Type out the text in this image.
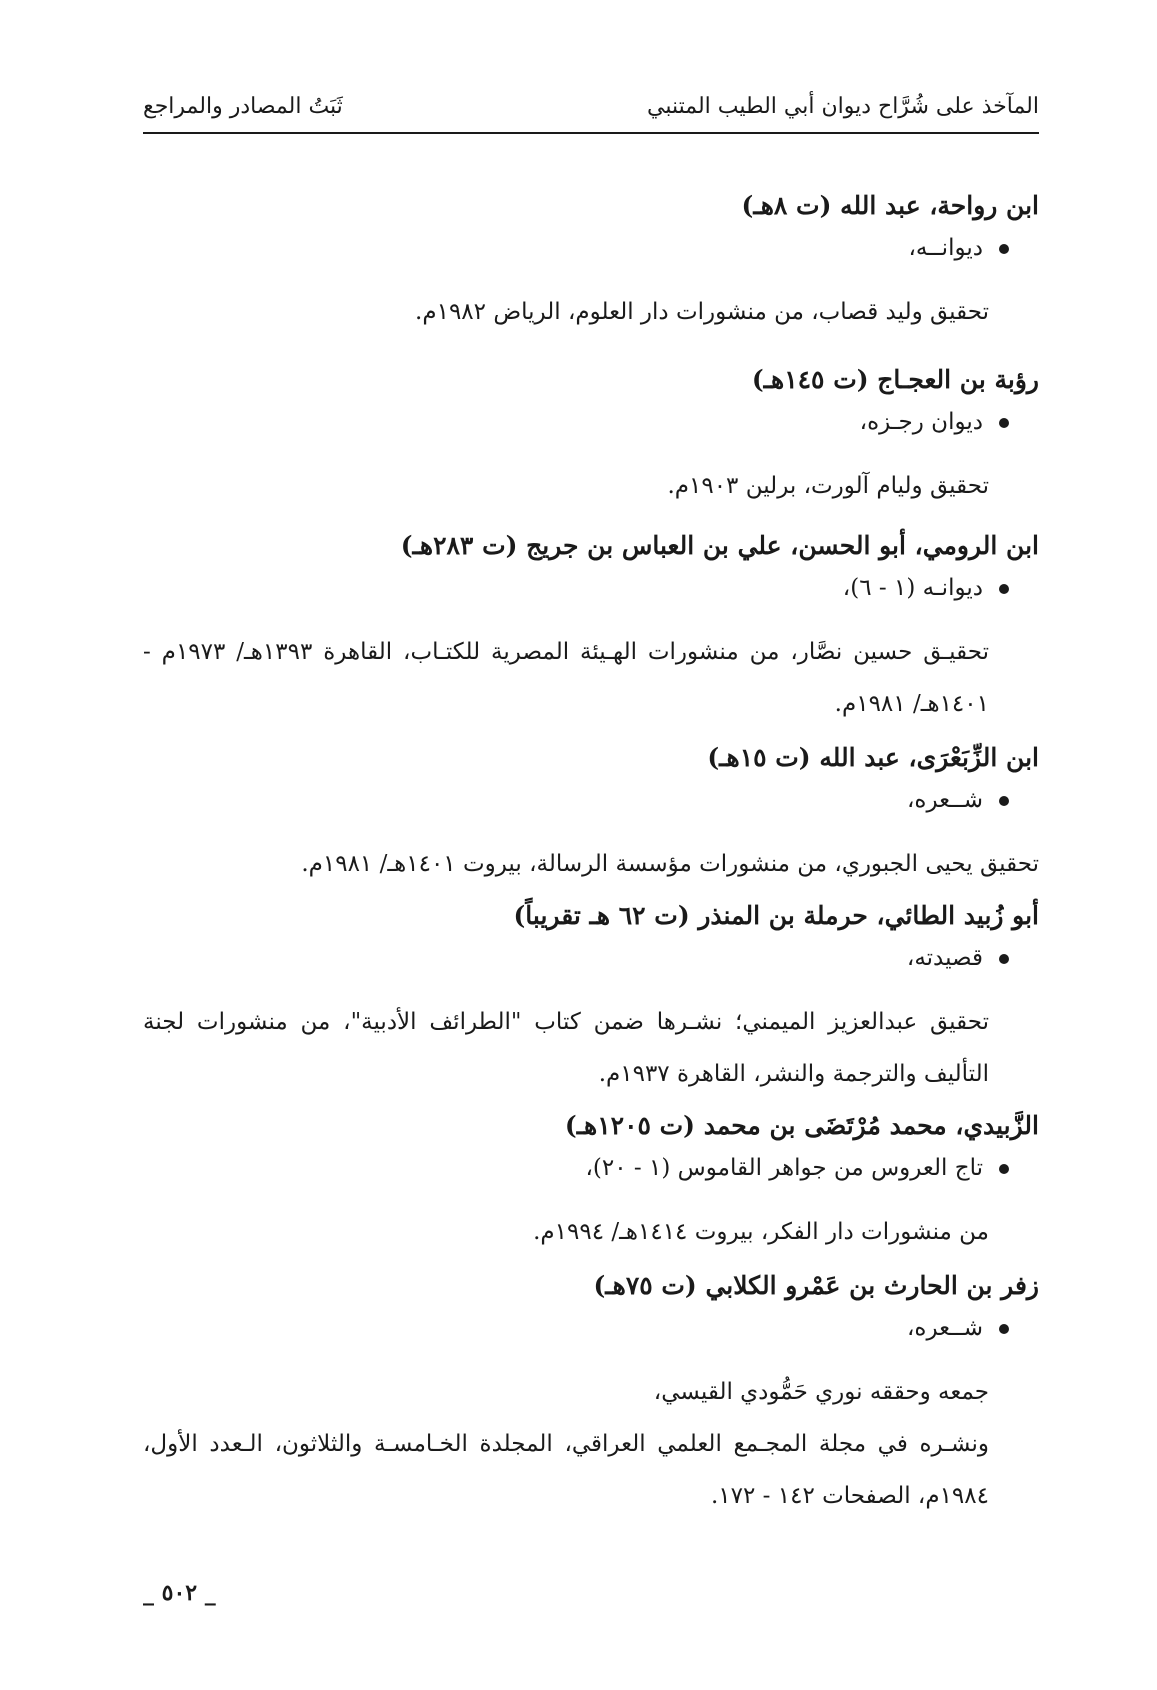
المآخذ على شُرَّاح ديوان أبي الطيب المتنبي
ثَبَتُ المصادر والمراجع
ابن رواحة، عبد الله (ت ٨هـ)
ديوانــه،
تحقيق وليد قصاب، من منشورات دار العلوم، الرياض ١٩٨٢م.
رؤبة بن العجـاج (ت ١٤٥هـ)
ديوان رجـزه،
تحقيق وليام آلورت، برلين ١٩٠٣م.
ابن الرومي، أبو الحسن، علي بن العباس بن جريج (ت ٢٨٣هـ)
ديوانـه (١ - ٦)،
تحقيـق حسين نصَّار، من منشورات الهـيئة المصرية للكتـاب، القاهرة ١٣٩٣هـ/ ١٩٧٣م - ١٤٠١هـ/ ١٩٨١م.
ابن الزِّبَعْرَى، عبد الله (ت ١٥هـ)
شــعره،
تحقيق يحيى الجبوري، من منشورات مؤسسة الرسالة، بيروت ١٤٠١هـ/ ١٩٨١م.
أبو زُبيد الطائي، حرملة بن المنذر (ت ٦٢ هـ تقريباً)
قصيدته،
تحقيق عبدالعزيز الميمني؛ نشـرها ضمن كتاب "الطرائف الأدبية"، من منشورات لجنة التأليف والترجمة والنشر، القاهرة ١٩٣٧م.
الزَّبيدي، محمد مُرْتَضَى بن محمد (ت ١٢٠٥هـ)
تاج العروس من جواهر القاموس (١ - ٢٠)،
من منشورات دار الفكر، بيروت ١٤١٤هـ/ ١٩٩٤م.
زفر بن الحارث بن عَمْرو الكلابي (ت ٧٥هـ)
شــعره،
جمعه وحققه نوري حَمُّودي القيسي،
ونشـره في مجلة المجـمع العلمي العراقي، المجلدة الخـامسـة والثلاثون، الـعدد الأول، ١٩٨٤م، الصفحات ١٤٢ - ١٧٢.
_ ٥٠٢ _
